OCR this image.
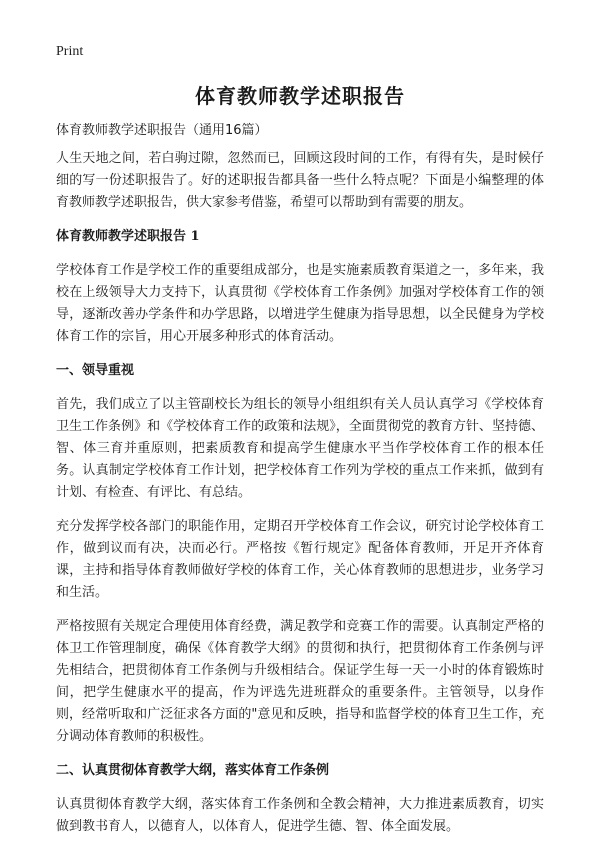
Print
体育教师教学述职报告
体育教师教学述职报告（通用16篇）

人生天地之间，若白驹过隙，忽然而已，回顾这段时间的工作，有得有失，是时候仔细的写一份述职报告了。好的述职报告都具备一些什么特点呢？下面是小编整理的体育教师教学述职报告，供大家参考借鉴，希望可以帮助到有需要的朋友。

体育教师教学述职报告 1

学校体育工作是学校工作的重要组成部分，也是实施素质教育渠道之一，多年来，我校在上级领导大力支持下，认真贯彻《学校体育工作条例》加强对学校体育工作的领导，逐渐改善办学条件和办学思路，以增进学生健康为指导思想，以全民健身为学校体育工作的宗旨，用心开展多种形式的体育活动。

一、领导重视

首先，我们成立了以主管副校长为组长的领导小组组织有关人员认真学习《学校体育卫生工作条例》和《学校体育工作的政策和法规》，全面贯彻党的教育方针、坚持德、智、体三育并重原则，把素质教育和提高学生健康水平当作学校体育工作的根本任务。认真制定学校体育工作计划，把学校体育工作列为学校的重点工作来抓，做到有计划、有检查、有评比、有总结。

充分发挥学校各部门的职能作用，定期召开学校体育工作会议，研究讨论学校体育工作，做到议而有决，决而必行。严格按《暂行规定》配备体育教师，开足开齐体育课，主持和指导体育教师做好学校的体育工作，关心体育教师的思想进步，业务学习和生活。

严格按照有关规定合理使用体育经费，满足教学和竞赛工作的需要。认真制定严格的体卫工作管理制度，确保《体育教学大纲》的贯彻和执行，把贯彻体育工作条例与评先相结合，把贯彻体育工作条例与升级相结合。保证学生每一天一小时的体育锻炼时间，把学生健康水平的提高，作为评选先进班群众的重要条件。主管领导，以身作则，经常听取和广泛征求各方面的"意见和反映，指导和监督学校的体育卫生工作，充分调动体育教师的积极性。

二、认真贯彻体育教学大纲，落实体育工作条例

认真贯彻体育教学大纲，落实体育工作条例和全教会精神，大力推进素质教育，切实做到教书育人，以德育人，以体育人，促进学生德、智、体全面发展。
